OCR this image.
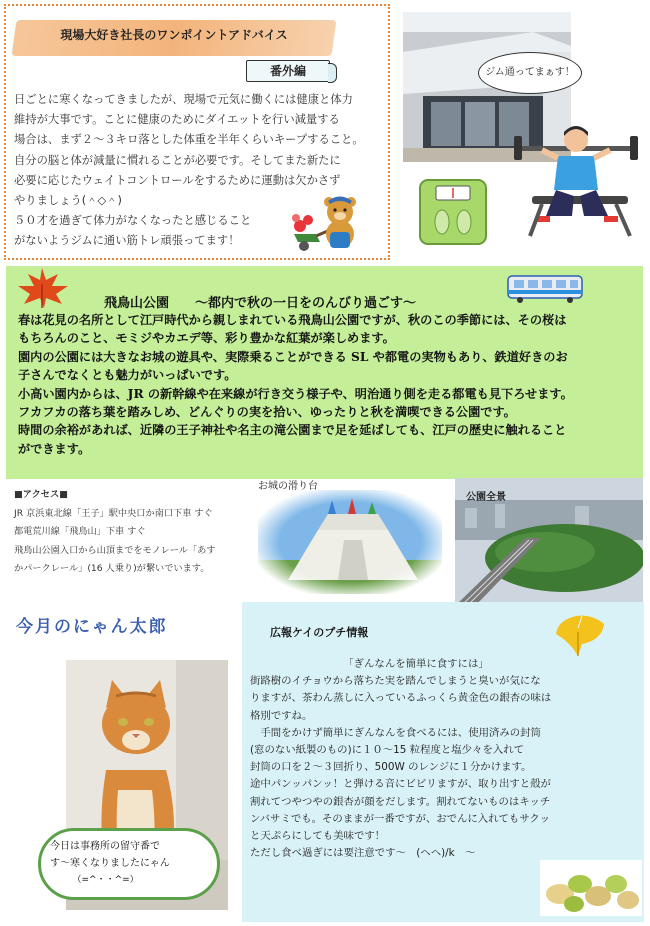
現場大好き社長のワンポイントアドバイス
番外編

日ごとに寒くなってきましたが、現場で元気に働くには健康と体力

維持が大事です。ことに健康のためにダイエットを行い減量する

場合は、まず２～３キロ落とした体重を半年くらいキープすること。

自分の脳と体が減量に慣れることが必要です。そしてまた新たに

必要に応じたウェイトコントロールをするために運動は欠かさず

やりましょう(＾◇＾)

５０才を過ぎて体力がなくなったと感じること

がないようジムに通い筋トレ頑張ってます！

ジム通ってまぁす！
飛鳥山公園　　～都内で秋の一日をのんびり過ごす～

春は花見の名所として江戸時代から親しまれている飛鳥山公園ですが、秋のこの季節には、その桜は

もちろんのこと、モミジやカエデ等、彩り豊かな紅葉が楽しめます。

園内の公園には大きなお城の遊具や、実際乗ることができる SL や都電の実物もあり、鉄道好きのお

子さんでなくとも魅力がいっぱいです。

小高い園内からは、JR の新幹線や在来線が行き交う様子や、明治通り側を走る都電も見下ろせます。

フカフカの落ち葉を踏みしめ、どんぐりの実を拾い、ゆったりと秋を満喫できる公園です。

時間の余裕があれば、近隣の王子神社や名主の滝公園まで足を延ばしても、江戸の歴史に触れること

ができます。

■アクセス■

JR 京浜東北線「王子」駅中央口か南口下車 すぐ

都電荒川線「飛鳥山」下車 すぐ

飛鳥山公園入口から山頂までをモノレール「あす

かパークレール」(16 人乗り)が繋いでいます。

お城の滑り台
公園全景
今月のにゃん太郎

今日は事務所の留守番で

す～寒くなりましたにゃん

　　　（=^・・^=）

広報ケイのプチ情報

「ぎんなんを簡単に食すには」

街路樹のイチョウから落ちた実を踏んでしまうと臭いが気にな

りますが、茶わん蒸しに入っているふっくら黄金色の銀杏の味は

格別ですね。

　手間をかけず簡単にぎんなんを食べるには、使用済みの封筒

(窓のない紙製のもの)に１０～15 粒程度と塩少々を入れて

封筒の口を２～３回折り、500W のレンジに１分かけます。

途中パンッパンッ！と弾ける音にビビリますが、取り出すと殻が

割れてつやつやの銀杏が顔をだします。割れてないものはキッチ

ンバサミでも。そのままが一番ですが、おでんに入れてもサクッ

と天ぷらにしても美味です！

ただし食べ過ぎには要注意です～　(ヘヘ)/k　～
